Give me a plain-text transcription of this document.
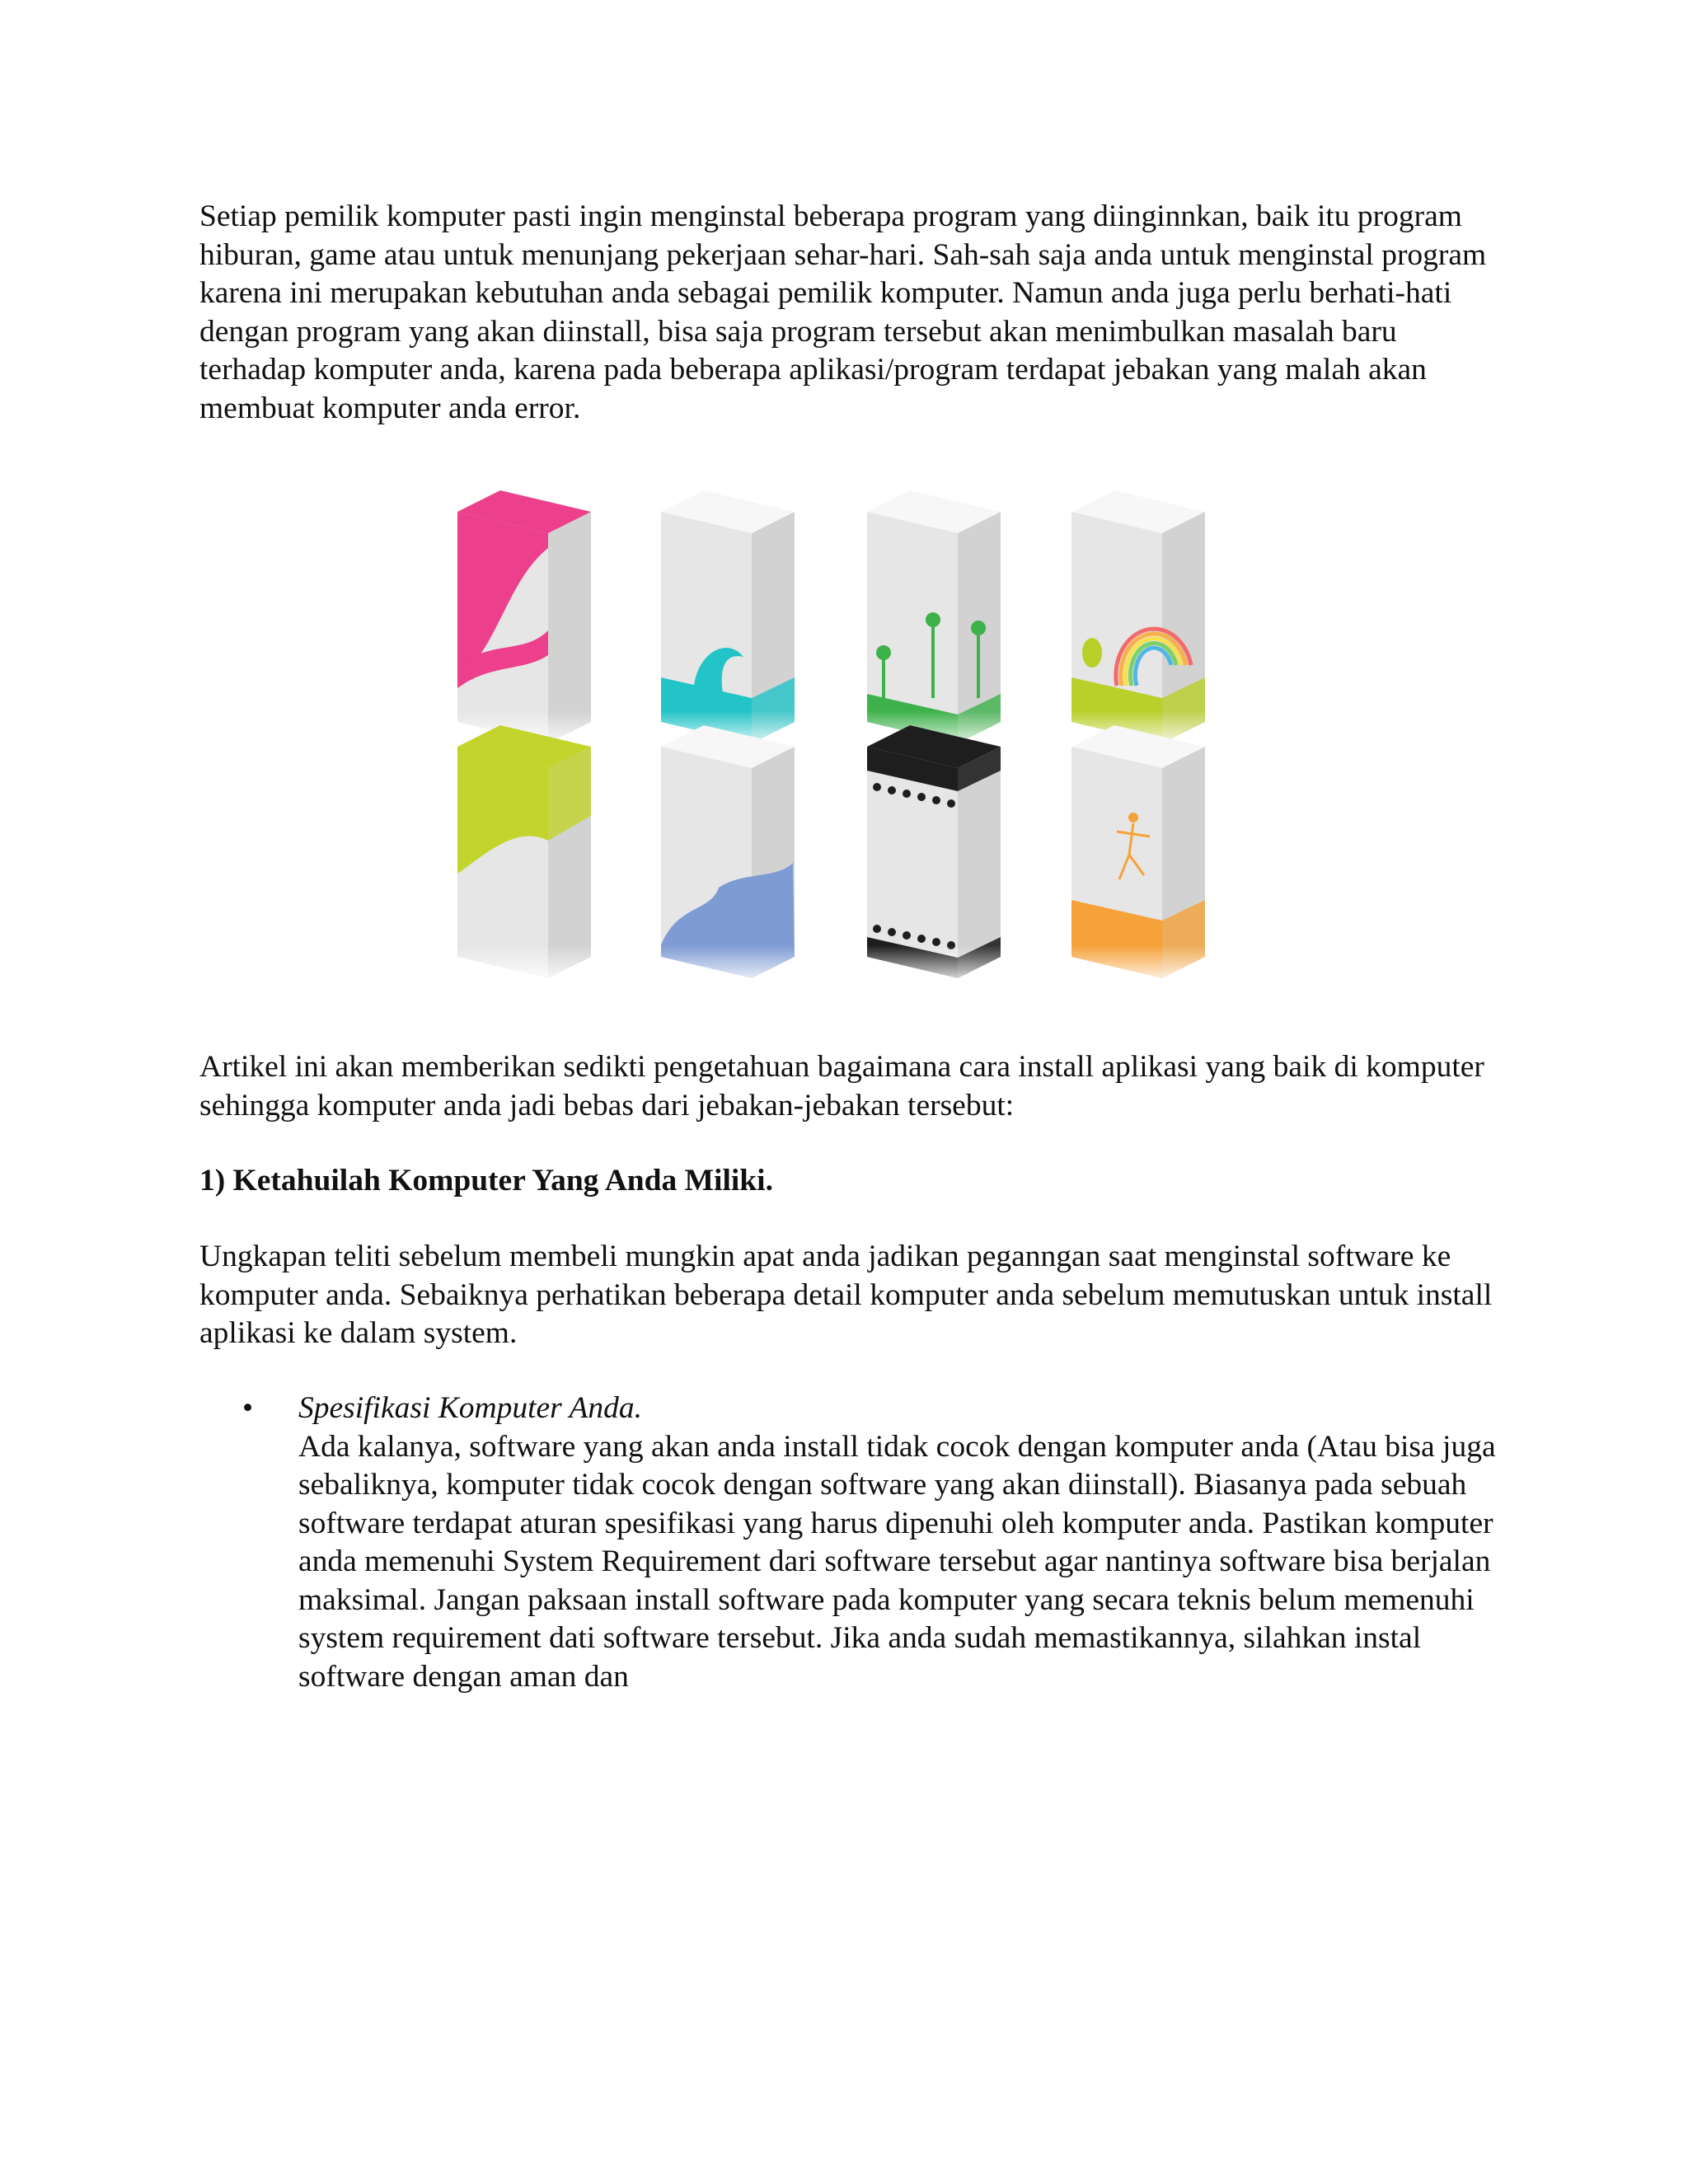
Setiap pemilik komputer pasti ingin menginstal beberapa program yang diinginnkan, baik itu program hiburan, game atau untuk menunjang pekerjaan sehar-hari. Sah-sah saja anda untuk menginstal program karena ini merupakan kebutuhan anda sebagai pemilik komputer. Namun anda juga perlu berhati-hati dengan program yang akan diinstall, bisa saja program tersebut akan menimbulkan masalah baru terhadap komputer anda, karena pada beberapa aplikasi/program terdapat jebakan yang malah akan membuat komputer anda error.

Artikel ini akan memberikan sedikti pengetahuan bagaimana cara install aplikasi yang baik di komputer sehingga komputer anda jadi bebas dari jebakan-jebakan tersebut:

1) Ketahuilah Komputer Yang Anda Miliki.

Ungkapan teliti sebelum membeli mungkin apat anda jadikan peganngan saat menginstal software ke komputer anda. Sebaiknya perhatikan beberapa detail komputer anda sebelum memutuskan untuk install aplikasi ke dalam system.

• Spesifikasi Komputer Anda.
Ada kalanya, software yang akan anda install tidak cocok dengan komputer anda (Atau bisa juga sebaliknya, komputer tidak cocok dengan software yang akan diinstall). Biasanya pada sebuah software terdapat aturan spesifikasi yang harus dipenuhi oleh komputer anda. Pastikan komputer anda memenuhi System Requirement dari software tersebut agar nantinya software bisa berjalan maksimal. Jangan paksaan install software pada komputer yang secara teknis belum memenuhi system requirement dati software tersebut. Jika anda sudah memastikannya, silahkan instal software dengan aman dan
